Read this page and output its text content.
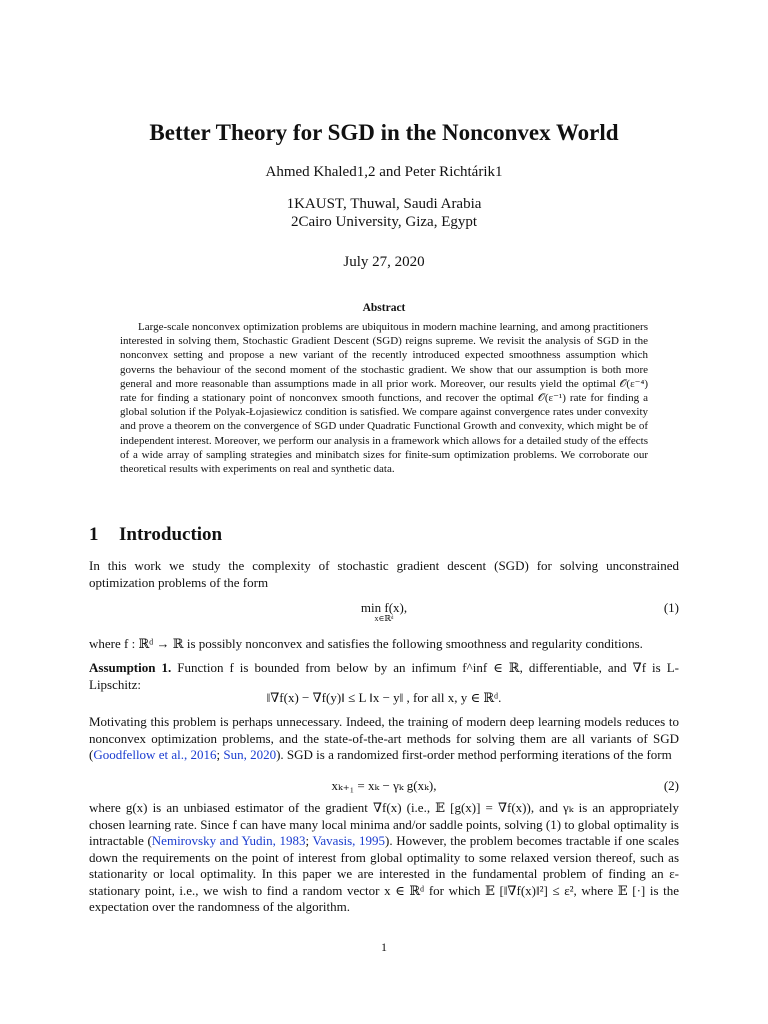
Better Theory for SGD in the Nonconvex World
Ahmed Khaled1,2 and Peter Richtárik1
1KAUST, Thuwal, Saudi Arabia
2Cairo University, Giza, Egypt
July 27, 2020
Abstract
Large-scale nonconvex optimization problems are ubiquitous in modern machine learning, and among practitioners interested in solving them, Stochastic Gradient Descent (SGD) reigns supreme. We revisit the analysis of SGD in the nonconvex setting and propose a new variant of the recently introduced expected smoothness assumption which governs the behaviour of the second moment of the stochastic gradient. We show that our assumption is both more general and more reasonable than assumptions made in all prior work. Moreover, our results yield the optimal 𝒪(ε⁻⁴) rate for finding a stationary point of nonconvex smooth functions, and recover the optimal 𝒪(ε⁻¹) rate for finding a global solution if the Polyak-Łojasiewicz condition is satisfied. We compare against convergence rates under convexity and prove a theorem on the convergence of SGD under Quadratic Functional Growth and convexity, which might be of independent interest. Moreover, we perform our analysis in a framework which allows for a detailed study of the effects of a wide array of sampling strategies and minibatch sizes for finite-sum optimization problems. We corroborate our theoretical results with experiments on real and synthetic data.
1 Introduction
In this work we study the complexity of stochastic gradient descent (SGD) for solving unconstrained optimization problems of the form
min f(x),
x∈ℝᵈ
(1)
where f : ℝᵈ → ℝ is possibly nonconvex and satisfies the following smoothness and regularity conditions.
Assumption 1. Function f is bounded from below by an infimum f^inf ∈ ℝ, differentiable, and ∇f is L-Lipschitz:
‖∇f(x) − ∇f(y)‖ ≤ L ‖x − y‖ , for all x, y ∈ ℝᵈ.
Motivating this problem is perhaps unnecessary. Indeed, the training of modern deep learning models reduces to nonconvex optimization problems, and the state-of-the-art methods for solving them are all variants of SGD (Goodfellow et al., 2016; Sun, 2020). SGD is a randomized first-order method performing iterations of the form
xₖ₊₁ = xₖ − γₖ g(xₖ),	(2)
where g(x) is an unbiased estimator of the gradient ∇f(x) (i.e., 𝔼 [g(x)] = ∇f(x)), and γₖ is an appropriately chosen learning rate. Since f can have many local minima and/or saddle points, solving (1) to global optimality is intractable (Nemirovsky and Yudin, 1983; Vavasis, 1995). However, the problem becomes tractable if one scales down the requirements on the point of interest from global optimality to some relaxed version thereof, such as stationarity or local optimality. In this paper we are interested in the fundamental problem of finding an ε-stationary point, i.e., we wish to find a random vector x ∈ ℝᵈ for which 𝔼 [‖∇f(x)‖²] ≤ ε², where 𝔼 [·] is the expectation over the randomness of the algorithm.
1
